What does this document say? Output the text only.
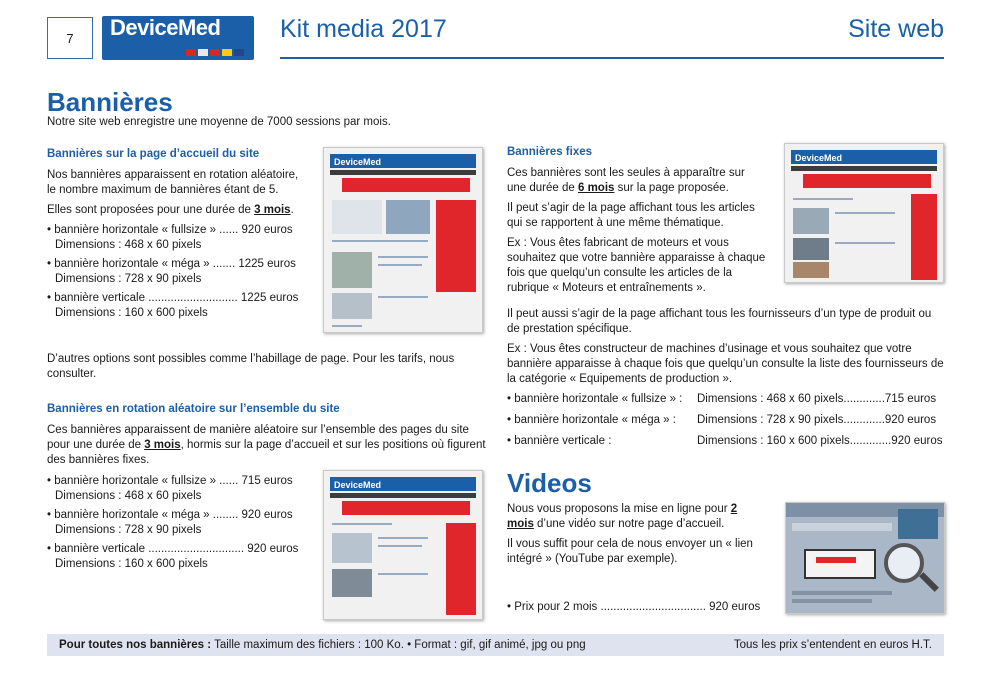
7	DeviceMed Kit media 2017	Site web
Bannières
Notre site web enregistre une moyenne de 7000 sessions par mois.
Bannières sur la page d’accueil du site

Nos bannières apparaissent en rotation aléatoire, le nombre maximum de bannières étant de 5.

Elles sont proposées pour une durée de 3 mois.

• bannière horizontale « fullsize » ...... 920 euros
Dimensions : 468 x 60 pixels
• bannière horizontale « méga » ....... 1225 euros
Dimensions : 728 x 90 pixels
• bannière verticale ............................ 1225 euros
Dimensions : 160 x 600 pixels
D’autres options sont possibles comme l’habillage de page. Pour les tarifs, nous consulter.
DeviceMed
Bannières en rotation aléatoire sur l’ensemble du site

Ces bannières apparaissent de manière aléatoire sur l’ensemble des pages du site pour une durée de 3 mois, hormis sur la page d’accueil et sur les positions où figurent des bannières fixes.

• bannière horizontale « fullsize » ...... 715 euros
Dimensions : 468 x 60 pixels
• bannière horizontale « méga » ........ 920 euros
Dimensions : 728 x 90 pixels
• bannière verticale .............................. 920 euros
Dimensions : 160 x 600 pixels
DeviceMed
Bannières fixes

Ces bannières sont les seules à apparaître sur une durée de 6 mois sur la page proposée.

Il peut s’agir de la page affichant tous les articles qui se rapportent à une même thématique.

Ex : Vous êtes fabricant de moteurs et vous souhaitez que votre bannière apparaisse à chaque fois que quelqu’un consulte les articles de la rubrique « Moteurs et entraînements ».

Il peut aussi s’agir de la page affichant tous les fournisseurs d’un type de produit ou de prestation spécifique.

Ex : Vous êtes constructeur de machines d’usinage et vous souhaitez que votre bannière apparaisse à chaque fois que quelqu’un consulte la liste des fournisseurs de la catégorie « Equipements de production ».

• bannière horizontale « fullsize » :	Dimensions : 468 x 60 pixels.............715 euros
• bannière horizontale « méga » :	Dimensions : 728 x 90 pixels.............920 euros
• bannière verticale :	Dimensions : 160 x 600 pixels.............920 euros
DeviceMed
Videos

Nous vous proposons la mise en ligne pour 2 mois d’une vidéo sur notre page d’accueil.

Il vous suffit pour cela de nous envoyer un « lien intégré » (YouTube par exemple).

• Prix pour 2 mois ................................. 920 euros
Pour toutes nos bannières : Taille maximum des fichiers : 100 Ko. • Format : gif, gif animé, jpg ou png	Tous les prix s’entendent en euros H.T.
